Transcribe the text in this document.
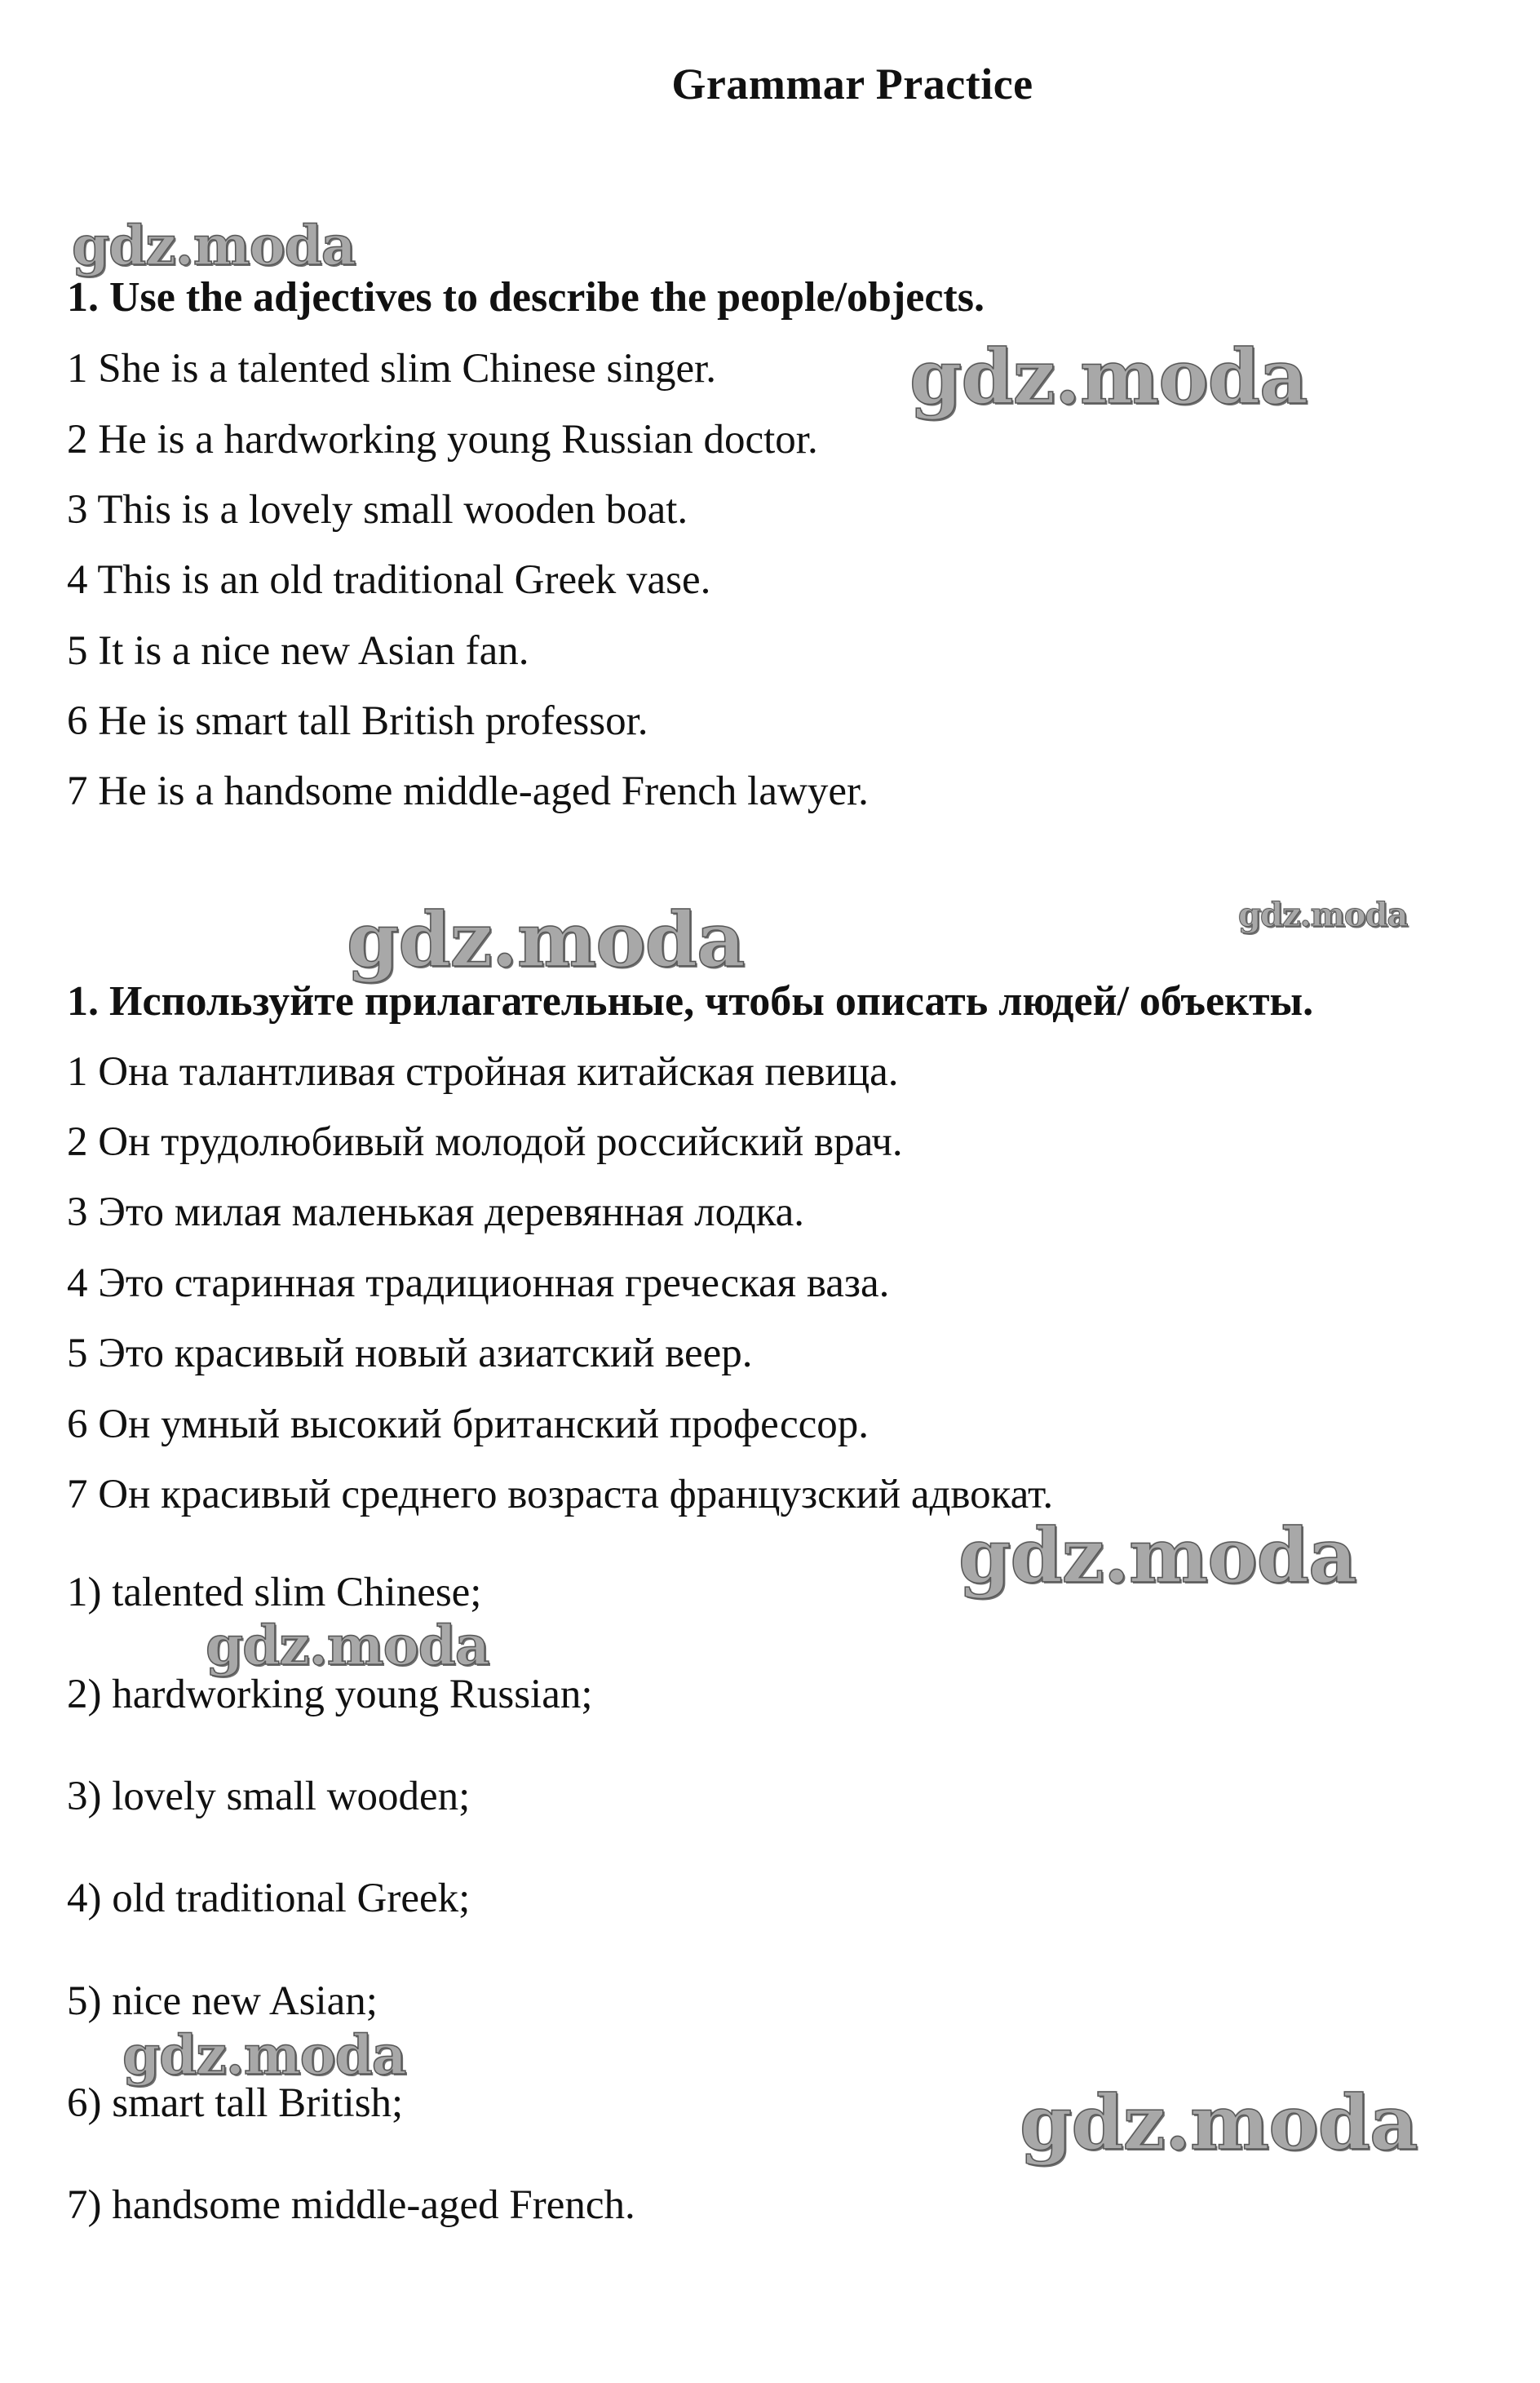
Grammar Practice
1. Use the adjectives to describe the people/objects.
1 She is a talented slim Chinese singer.
2 He is a hardworking young Russian doctor.
3 This is a lovely small wooden boat.
4 This is an old traditional Greek vase.
5 It is a nice new Asian fan.
6 He is smart tall British professor.
7 He is a handsome middle-aged French lawyer.
1. Используйте прилагательные, чтобы описать людей/ объекты.
1 Она талантливая стройная китайская певица.
2 Он трудолюбивый молодой российский врач.
3 Это милая маленькая деревянная лодка.
4 Это старинная традиционная греческая ваза.
5 Это красивый новый азиатский веер.
6 Он умный высокий британский профессор.
7 Он красивый среднего возраста французский адвокат.
1) talented slim Chinese;
2) hardworking young Russian;
3) lovely small wooden;
4) old traditional Greek;
5) nice new Asian;
6) smart tall British;
7) handsome middle-aged French.
gdz.moda
gdz.moda
gdz.moda	gdz.moda
gdz.moda
gdz.moda
gdz.moda
gdz.moda
